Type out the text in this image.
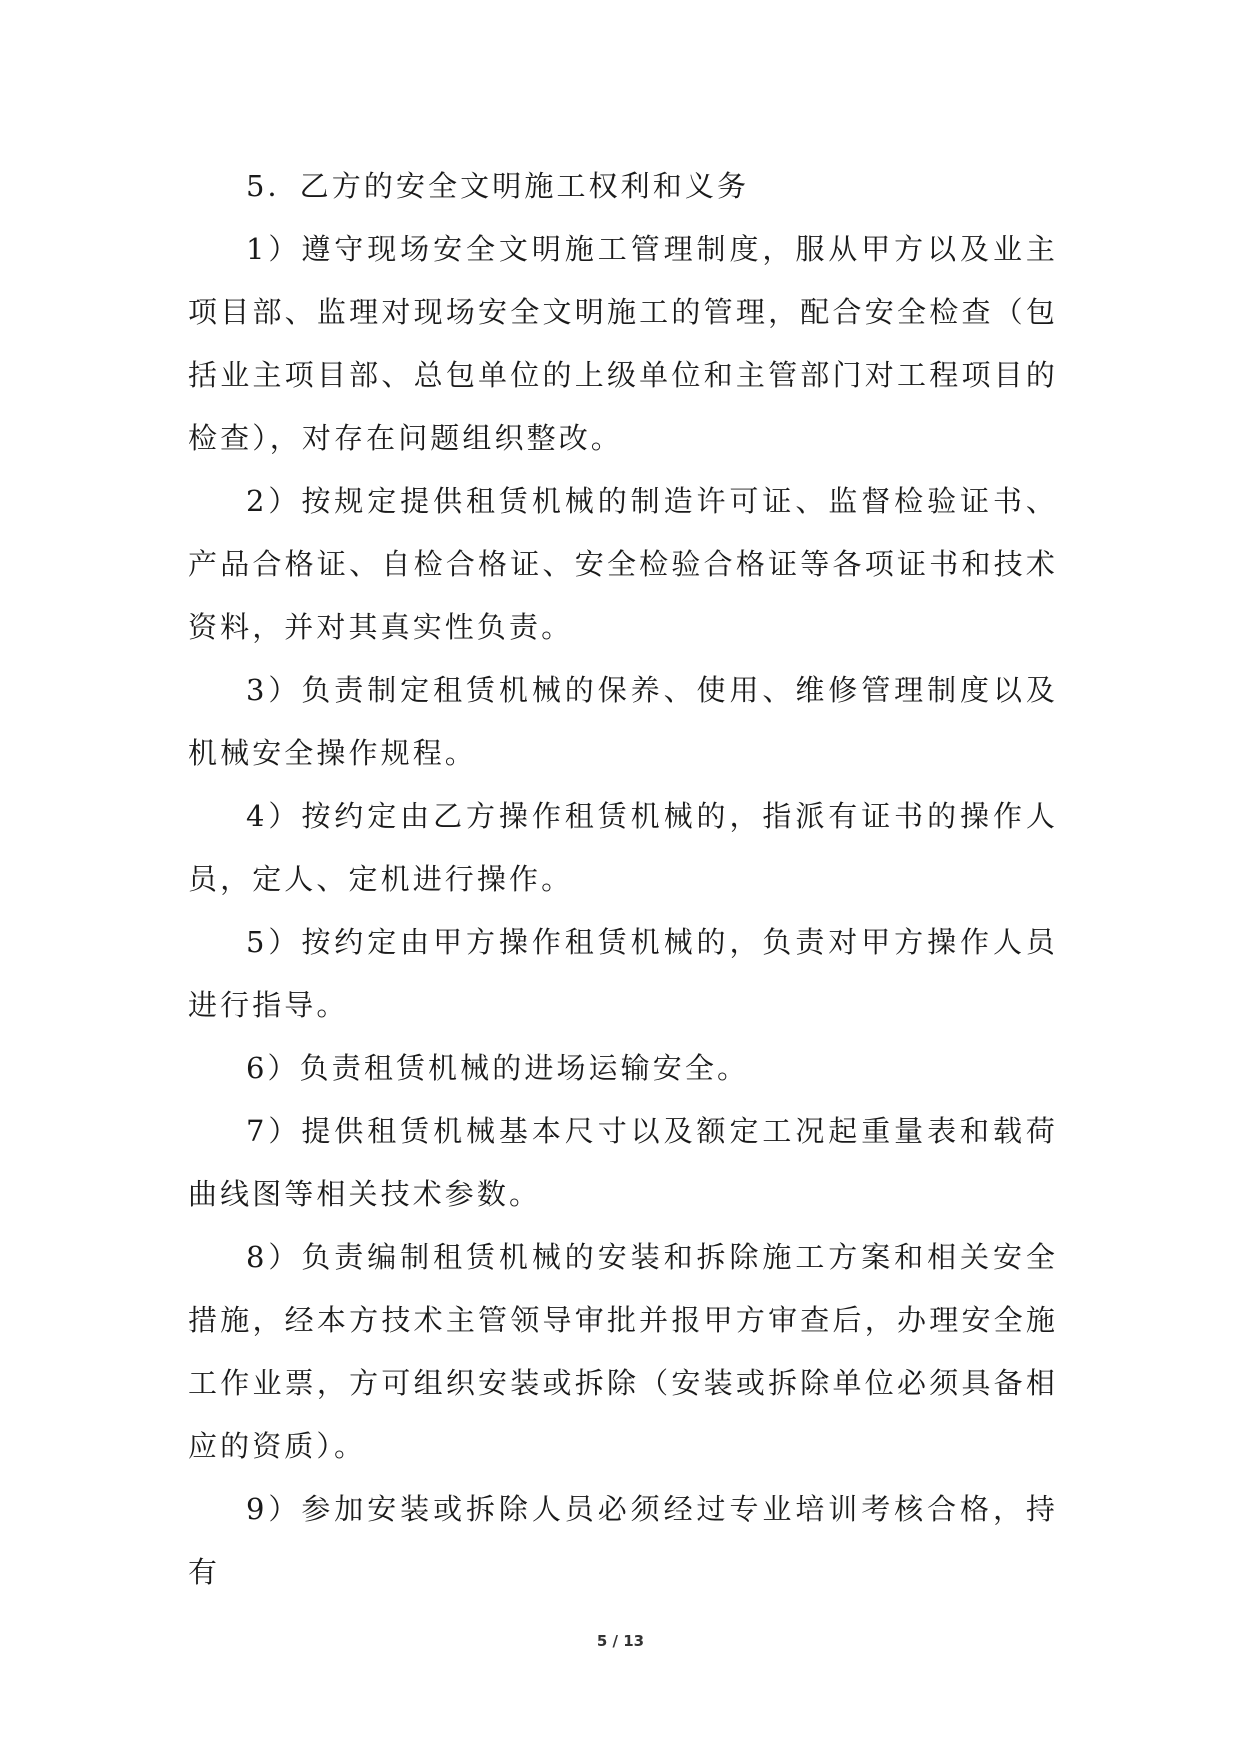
5．乙方的安全文明施工权利和义务

1）遵守现场安全文明施工管理制度，服从甲方以及业主项目部、监理对现场安全文明施工的管理，配合安全检查（包括业主项目部、总包单位的上级单位和主管部门对工程项目的检查），对存在问题组织整改。

2）按规定提供租赁机械的制造许可证、监督检验证书、产品合格证、自检合格证、安全检验合格证等各项证书和技术资料，并对其真实性负责。

3）负责制定租赁机械的保养、使用、维修管理制度以及机械安全操作规程。

4）按约定由乙方操作租赁机械的，指派有证书的操作人员，定人、定机进行操作。

5）按约定由甲方操作租赁机械的，负责对甲方操作人员进行指导。

6）负责租赁机械的进场运输安全。

7）提供租赁机械基本尺寸以及额定工况起重量表和载荷曲线图等相关技术参数。

8）负责编制租赁机械的安装和拆除施工方案和相关安全措施，经本方技术主管领导审批并报甲方审查后，办理安全施工作业票，方可组织安装或拆除（安装或拆除单位必须具备相应的资质）。

9）参加安装或拆除人员必须经过专业培训考核合格，持有

5 / 13
